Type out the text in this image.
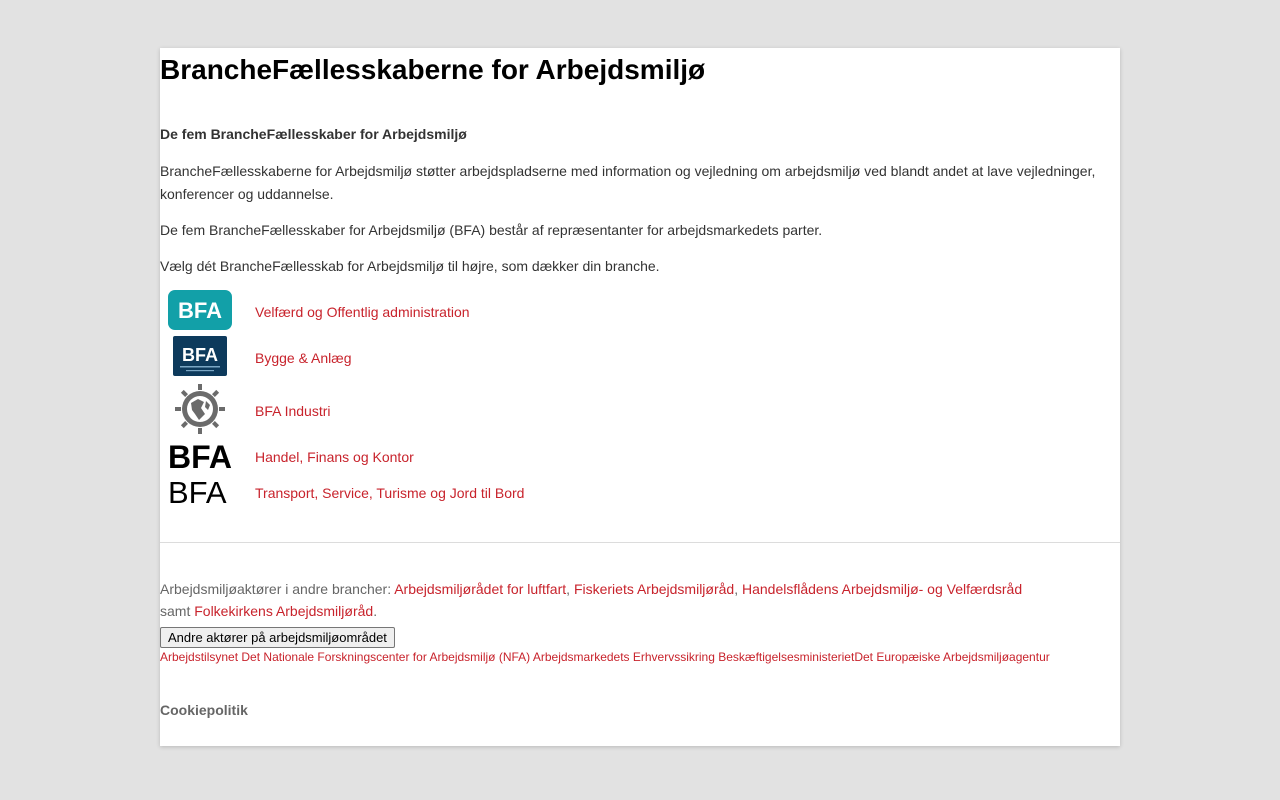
BrancheFællesskaberne for Arbejdsmiljø

De fem BrancheFællesskaber for Arbejdsmiljø

BrancheFællesskaberne for Arbejdsmiljø støtter arbejdspladserne med information og vejledning om arbejdsmiljø ved blandt andet at lave vejledninger, konferencer og uddannelse.

De fem BrancheFællesskaber for Arbejdsmiljø (BFA) består af repræsentanter for arbejdsmarkedets parter.

Vælg dét BrancheFællesskab for Arbejdsmiljø til højre, som dækker din branche.

BFA Velfærd og Offentlig administration
BFA	Bygge & Anlæg
BFA Industri
BFA Handel, Finans og Kontor
BFA Transport, Service, Turisme og Jord til Bord
Arbejdsmiljøaktører i andre brancher: Arbejdsmiljørådet for luftfart, Fiskeriets Arbejdsmiljøråd, Handelsflådens Arbejdsmiljø- og Velfærdsråd
samt Folkekirkens Arbejdsmiljøråd.
Andre aktører på arbejdsmiljøområdet
Arbejdstilsynet Det Nationale Forskningscenter for Arbejdsmiljø (NFA) Arbejdsmarkedets Erhvervssikring BeskæftigelsesministerietDet Europæiske Arbejdsmiljøagentur
Cookiepolitik
